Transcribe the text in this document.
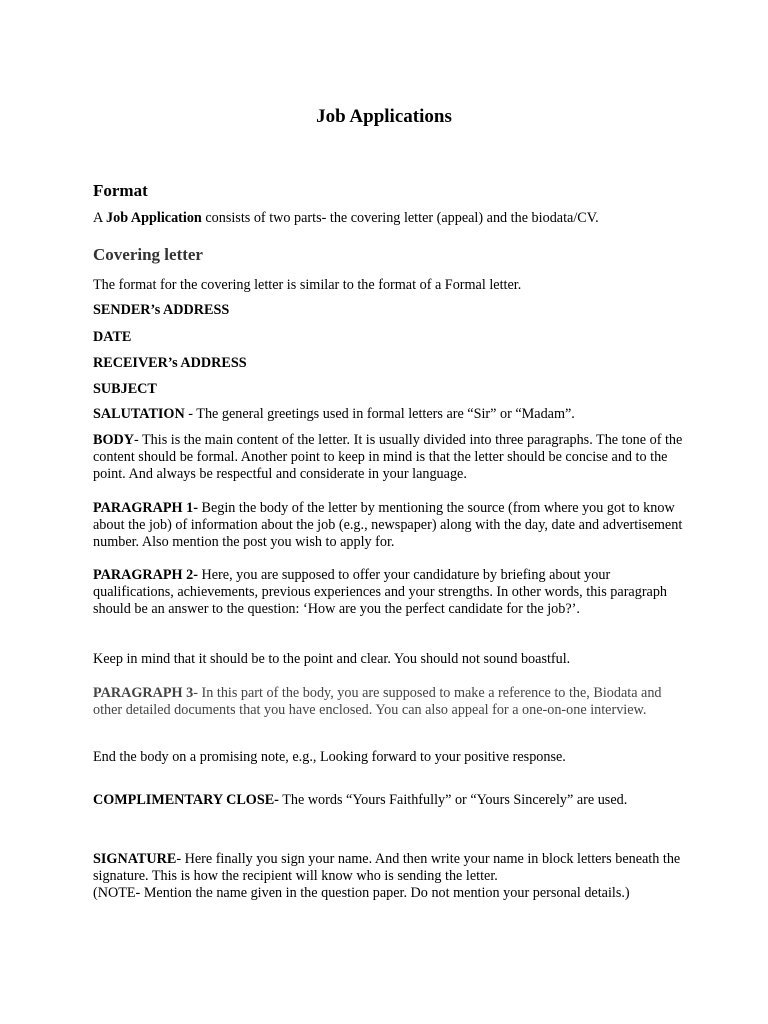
Job Applications
Format

A Job Application consists of two parts- the covering letter (appeal) and the biodata/CV.

Covering letter

The format for the covering letter is similar to the format of a Formal letter.

SENDER’s ADDRESS

DATE

RECEIVER’s ADDRESS

SUBJECT

SALUTATION - The general greetings used in formal letters are “Sir” or “Madam”.

BODY- This is the main content of the letter. It is usually divided into three paragraphs. The tone of the content should be formal. Another point to keep in mind is that the letter should be concise and to the point. And always be respectful and considerate in your language.

PARAGRAPH 1- Begin the body of the letter by mentioning the source (from where you got to know about the job) of information about the job (e.g., newspaper) along with the day, date and advertisement number. Also mention the post you wish to apply for.

PARAGRAPH 2- Here, you are supposed to offer your candidature by briefing about your qualifications, achievements, previous experiences and your strengths. In other words, this paragraph should be an answer to the question: ‘How are you the perfect candidate for the job?’.

Keep in mind that it should be to the point and clear. You should not sound boastful.

PARAGRAPH 3- In this part of the body, you are supposed to make a reference to the, Biodata and other detailed documents that you have enclosed. You can also appeal for a one-on-one interview.

End the body on a promising note, e.g., Looking forward to your positive response.

COMPLIMENTARY CLOSE- The words “Yours Faithfully” or “Yours Sincerely” are used.

SIGNATURE- Here finally you sign your name. And then write your name in block letters beneath the signature. This is how the recipient will know who is sending the letter.
(NOTE- Mention the name given in the question paper. Do not mention your personal details.)
